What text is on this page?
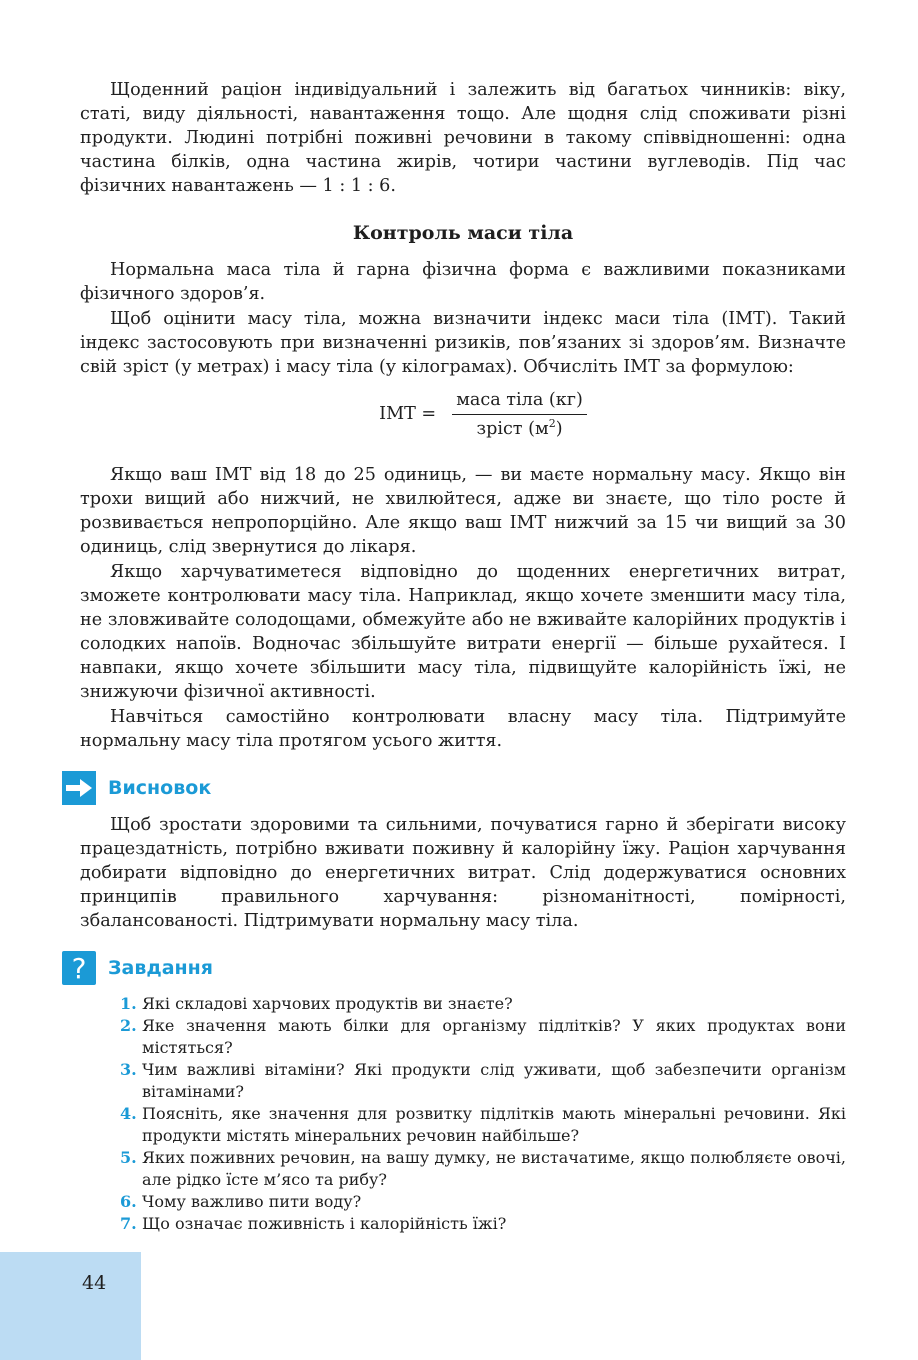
Щоденний раціон індивідуальний і залежить від багатьох чинників: віку, статі, виду діяльності, навантаження тощо. Але щодня слід споживати різні продукти. Людині потрібні поживні речовини в такому співвідношенні: одна частина білків, одна частина жирів, чотири частини вуглеводів. Під час фізичних навантажень — 1 : 1 : 6.

Контроль маси тіла

Нормальна маса тіла й гарна фізична форма є важливими показниками фізичного здоров’я.

Щоб оцінити масу тіла, можна визначити індекс маси тіла (ІМТ). Такий індекс застосовують при визначенні ризиків, пов’язаних зі здоров’ям. Визначте свій зріст (у метрах) і масу тіла (у кілограмах). Обчисліть ІМТ за формулою:

ІМТ = $\frac{\text{маса тіла (кг)}}{зріст (м^2)}$

Якщо ваш ІМТ від 18 до 25 одиниць, — ви маєте нормальну масу. Якщо він трохи вищий або нижчий, не хвилюйтеся, адже ви знаєте, що тіло росте й розвивається непропорційно. Але якщо ваш ІМТ нижчий за 15 чи вищий за 30 одиниць, слід звернутися до лікаря.

Якщо харчуватиметеся відповідно до щоденних енергетичних витрат, зможете контролювати масу тіла. Наприклад, якщо хочете зменшити масу тіла, не зловживайте солодощами, обмежуйте або не вживайте калорійних продуктів і солодких напоїв. Водночас збільшуйте витрати енергії — більше рухайтеся. І навпаки, якщо хочете збільшити масу тіла, підвищуйте калорійність їжі, не знижуючи фізичної активності.

Навчіться самостійно контролювати власну масу тіла. Підтримуйте нормальну масу тіла протягом усього життя.

Висновок

Щоб зростати здоровими та сильними, почуватися гарно й зберігати високу працездатність, потрібно вживати поживну й калорійну їжу. Раціон харчування добирати відповідно до енергетичних витрат. Слід додержуватися основних принципів правильного харчування: різноманітності, помірності, збалансованості. Підтримувати нормальну масу тіла.

?	Завдання
1. Які складові харчових продуктів ви знаєте?
2. Яке значення мають білки для організму підлітків? У яких продуктах вони містяться?
3. Чим важливі вітаміни? Які продукти слід уживати, щоб забезпечити організм вітамінами?
4. Поясніть, яке значення для розвитку підлітків мають мінеральні речовини. Які продукти містять мінеральних речовин найбільше?
5. Яких поживних речовин, на вашу думку, не вистачатиме, якщо полюбляєте овочі, але рідко їсте м’ясо та рибу?
6. Чому важливо пити воду?
7. Що означає поживність і калорійність їжі?
44
